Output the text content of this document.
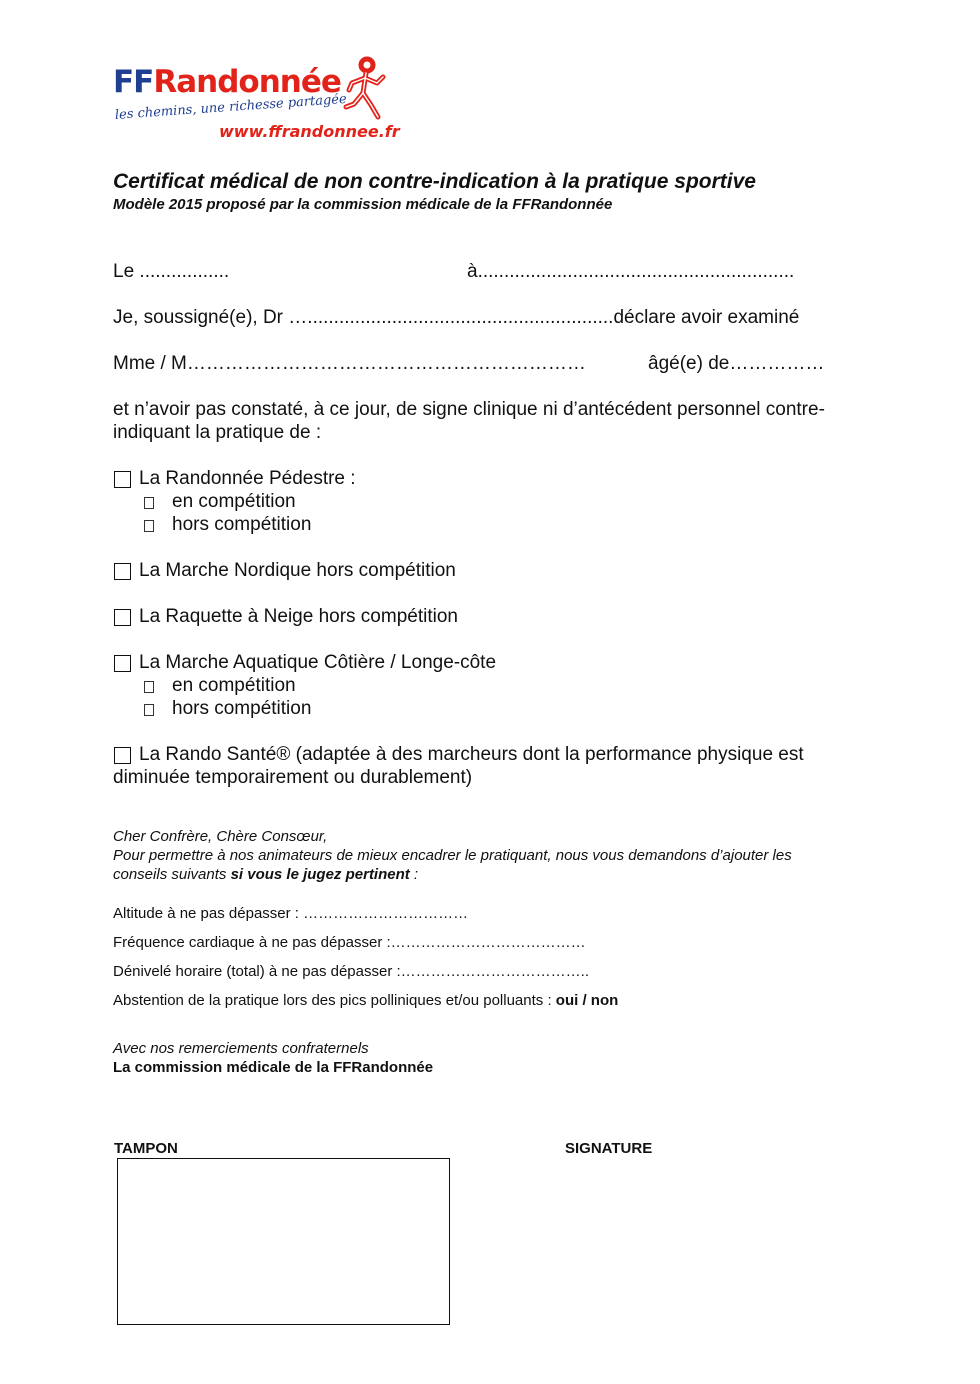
FFRandonnée
les chemins, une richesse partagée
www.ffrandonnee.fr
Certificat médical de non contre-indication à la pratique sportive
Modèle 2015 proposé par la commission médicale de la FFRandonnée
Le .................	à............................................................
Je, soussigné(e), Dr …..........................................................déclare avoir examiné
Mme / M………………………………………………………	âgé(e) de……………
et n’avoir pas constaté, à ce jour, de signe clinique ni d’antécédent personnel contre-
indiquant la pratique de :
La Randonnée Pédestre :
en compétition
hors compétition
La Marche Nordique hors compétition
La Raquette à Neige hors compétition
La Marche Aquatique Côtière / Longe-côte
en compétition
hors compétition
La Rando Santé® (adaptée à des marcheurs dont la performance physique est
diminuée temporairement ou durablement)
Cher Confrère, Chère Consœur,
Pour permettre à nos animateurs de mieux encadrer le pratiquant, nous vous demandons d’ajouter les
conseils suivants si vous le jugez pertinent :
Altitude à ne pas dépasser : ……………………………
Fréquence cardiaque à ne pas dépasser :…………………………………
Dénivelé horaire (total) à ne pas dépasser :………………………………..
Abstention de la pratique lors des pics polliniques et/ou polluants : oui / non
Avec nos remerciements confraternels
La commission médicale de la FFRandonnée
TAMPON	SIGNATURE
